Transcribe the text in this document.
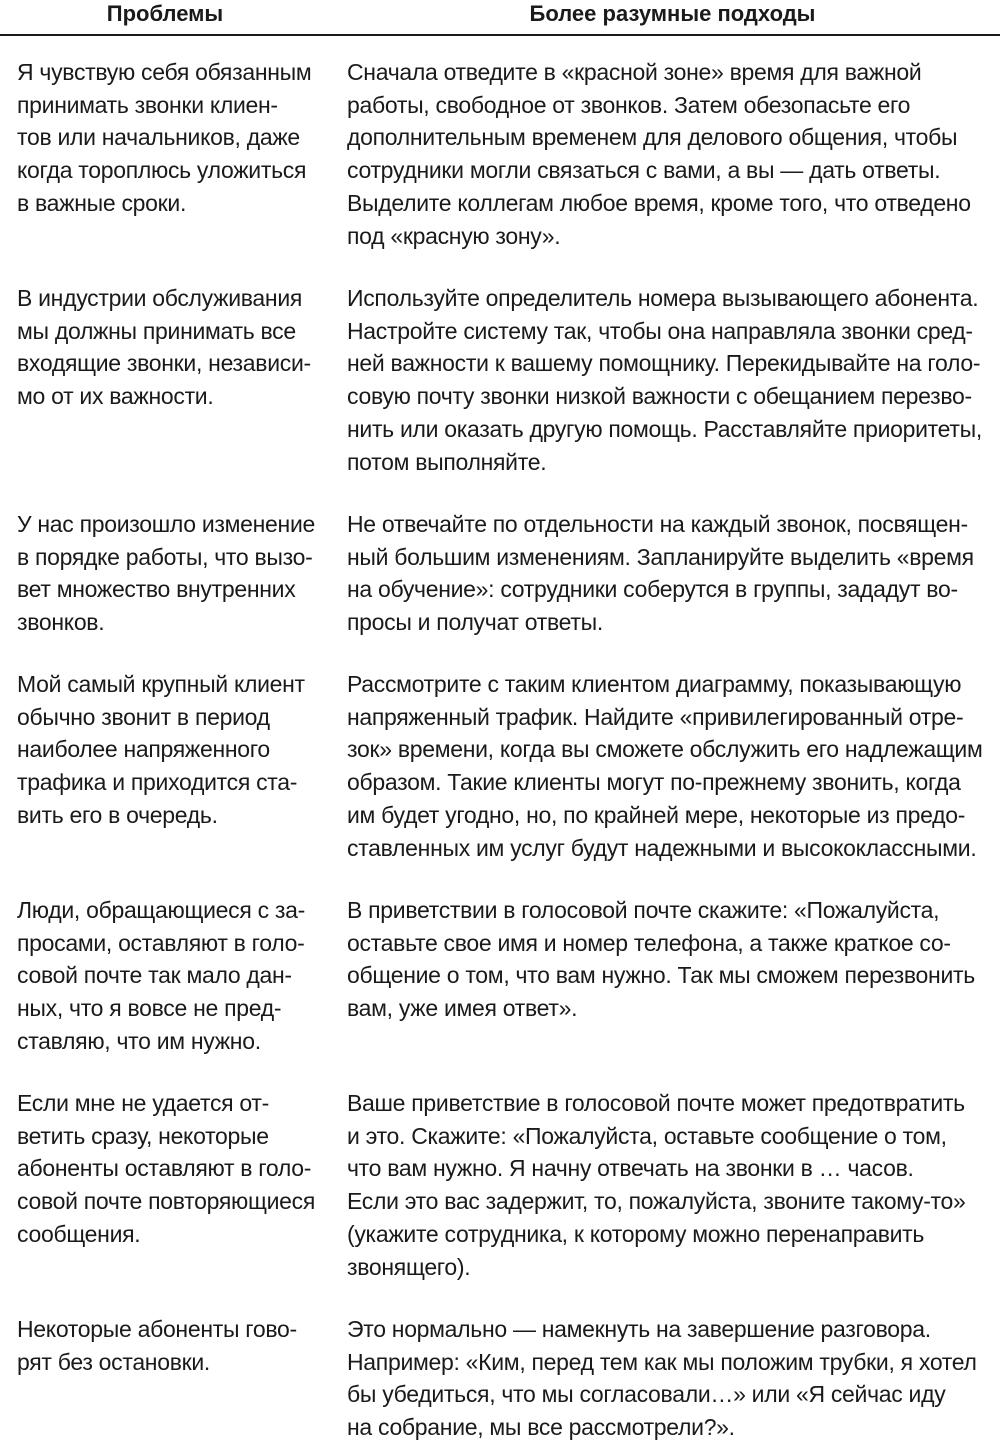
Проблемы	Более разумные подходы
Я чувствую себя обязанным
принимать звонки клиен-
тов или начальников, даже
когда тороплюсь уложиться
в важные сроки.
Сначала отведите в «красной зоне» время для важной
работы, свободное от звонков. Затем обезопасьте его
дополнительным временем для делового общения, чтобы
сотрудники могли связаться с вами, а вы — дать ответы.
Выделите коллегам любое время, кроме того, что отведено
под «красную зону».
В индустрии обслуживания
мы должны принимать все
входящие звонки, независи-
мо от их важности.
Используйте определитель номера вызывающего абонента.
Настройте систему так, чтобы она направляла звонки сред-
ней важности к вашему помощнику. Перекидывайте на голо-
совую почту звонки низкой важности с обещанием перезво-
нить или оказать другую помощь. Расставляйте приоритеты,
потом выполняйте.
У нас произошло изменение
в порядке работы, что вызо-
вет множество внутренних
звонков.
Не отвечайте по отдельности на каждый звонок, посвящен-
ный большим изменениям. Запланируйте выделить «время
на обучение»: сотрудники соберутся в группы, зададут во-
просы и получат ответы.
Мой самый крупный клиент
обычно звонит в период
наиболее напряженного
трафика и приходится ста-
вить его в очередь.
Рассмотрите с таким клиентом диаграмму, показывающую
напряженный трафик. Найдите «привилегированный отре-
зок» времени, когда вы сможете обслужить его надлежащим
образом. Такие клиенты могут по-прежнему звонить, когда
им будет угодно, но, по крайней мере, некоторые из предо-
ставленных им услуг будут надежными и высококлассными.
Люди, обращающиеся с за-
просами, оставляют в голо-
совой почте так мало дан-
ных, что я вовсе не пред-
ставляю, что им нужно.
В приветствии в голосовой почте скажите: «Пожалуйста,
оставьте свое имя и номер телефона, а также краткое со-
общение о том, что вам нужно. Так мы сможем перезвонить
вам, уже имея ответ».
Если мне не удается от-
ветить сразу, некоторые
абоненты оставляют в голо-
совой почте повторяющиеся
сообщения.
Ваше приветствие в голосовой почте может предотвратить
и это. Скажите: «Пожалуйста, оставьте сообщение о том,
что вам нужно. Я начну отвечать на звонки в … часов.
Если это вас задержит, то, пожалуйста, звоните такому-то»
(укажите сотрудника, к которому можно перенаправить
звонящего).
Некоторые абоненты гово-
рят без остановки.
Это нормально — намекнуть на завершение разговора.
Например: «Ким, перед тем как мы положим трубки, я хотел
бы убедиться, что мы согласовали…» или «Я сейчас иду
на собрание, мы все рассмотрели?».
